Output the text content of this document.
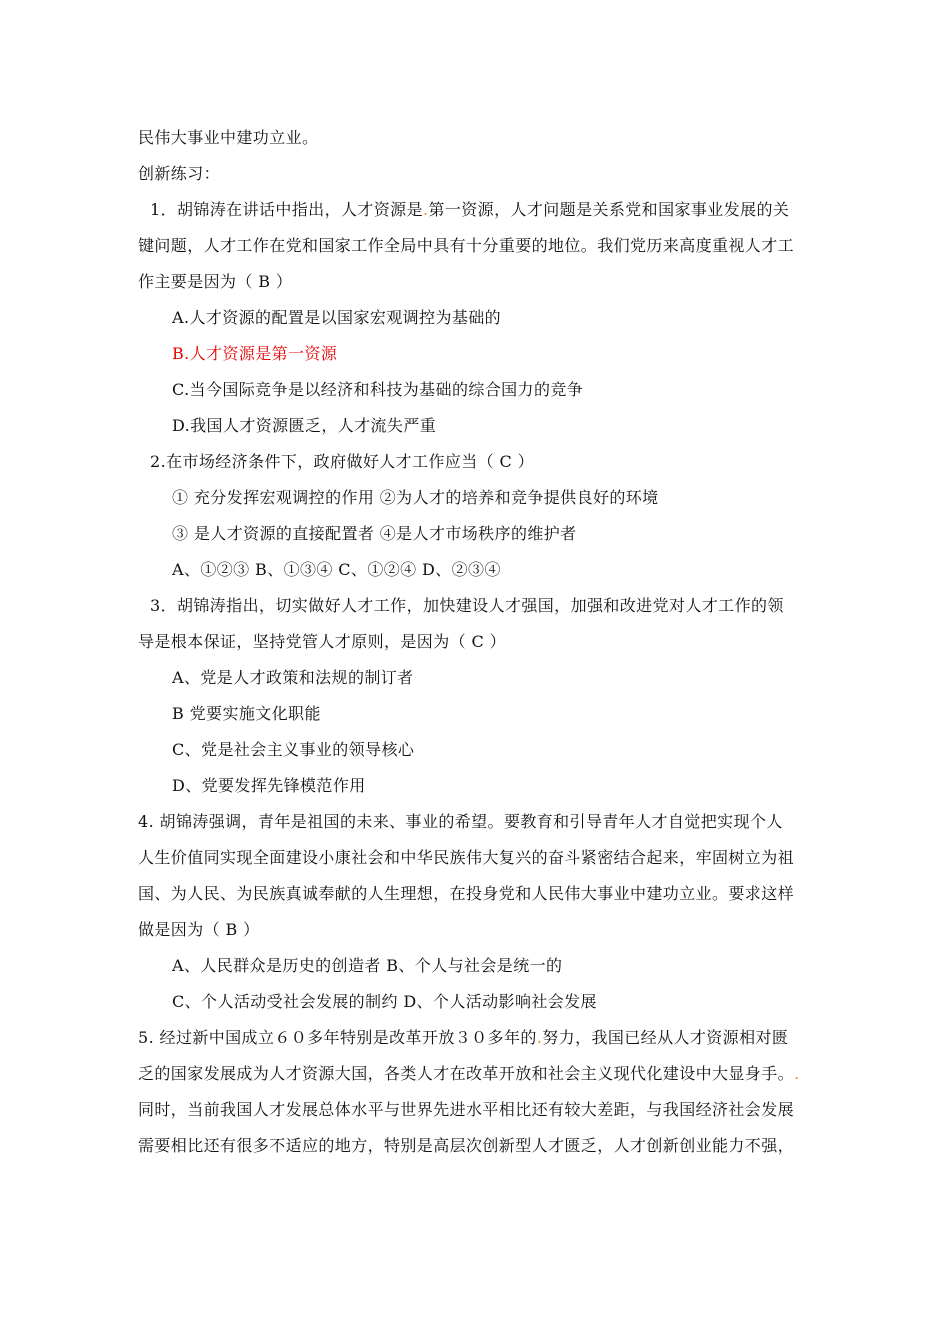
民伟大事业中建功立业。

创新练习：

1．胡锦涛在讲话中指出，人才资源是.第一资源，人才问题是关系党和国家事业发展的关

键问题，人才工作在党和国家工作全局中具有十分重要的地位。我们党历来高度重视人才工

作主要是因为（ B ）

A.人才资源的配置是以国家宏观调控为基础的

B.人才资源是第一资源

C.当今国际竞争是以经济和科技为基础的综合国力的竞争

D.我国人才资源匮乏，人才流失严重

2.在市场经济条件下，政府做好人才工作应当（ C ）

① 充分发挥宏观调控的作用 ②为人才的培养和竞争提供良好的环境

③ 是人才资源的直接配置者 ④是人才市场秩序的维护者

A、①②③ B、①③④ C、①②④ D、②③④

3．胡锦涛指出，切实做好人才工作，加快建设人才强国，加强和改进党对人才工作的领

导是根本保证，坚持党管人才原则，是因为（ C ）

A、党是人才政策和法规的制订者

B 党要实施文化职能

C、党是社会主义事业的领导核心

D、党要发挥先锋模范作用

4. 胡锦涛强调，青年是祖国的未来、事业的希望。要教育和引导青年人才自觉把实现个人

人生价值同实现全面建设小康社会和中华民族伟大复兴的奋斗紧密结合起来，牢固树立为祖

国、为人民、为民族真诚奉献的人生理想，在投身党和人民伟大事业中建功立业。要求这样

做是因为（ B ）

A、人民群众是历史的创造者 B、个人与社会是统一的

C、个人活动受社会发展的制约 D、个人活动影响社会发展

5. 经过新中国成立６０多年特别是改革开放３０多年的.努力，我国已经从人才资源相对匮

乏的国家发展成为人才资源大国，各类人才在改革开放和社会主义现代化建设中大显身手。.

同时，当前我国人才发展总体水平与世界先进水平相比还有较大差距，与我国经济社会发展

需要相比还有很多不适应的地方，特别是高层次创新型人才匮乏，人才创新创业能力不强，
